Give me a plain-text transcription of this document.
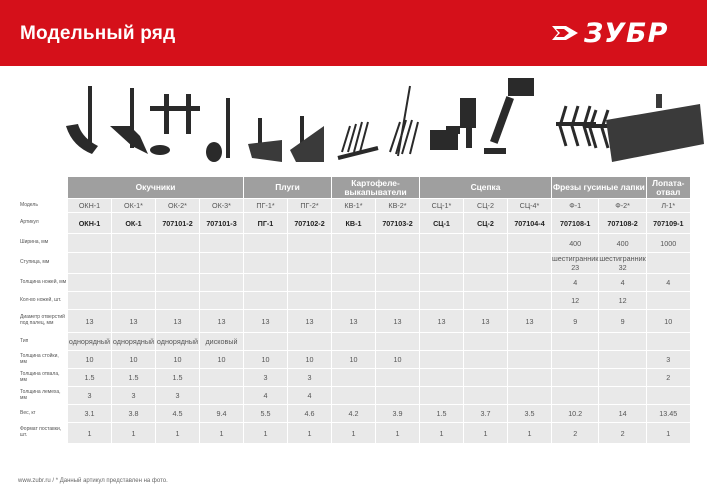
Модельный ряд	ЗУБР
	Окучники				Плуги		Картофеле-выкапыватели		Сцепка			Фрезы гусиные лапки		Лопата-отвал
Модель	ОКН-1	ОК-1*	ОК-2*	ОК-3*	ПГ-1*	ПГ-2*	КВ-1*	КВ-2*	СЦ-1*	СЦ-2	СЦ-4*	Ф-1	Ф-2*	Л-1*
Артикул	ОКН-1	ОК-1	707101-2	707101-3	ПГ-1	707102-2	КВ-1	707103-2	СЦ-1	СЦ-2	707104-4	707108-1	707108-2	707109-1
Ширина, мм												400	400	1000
Ступица, мм												шестигранник 23	шестигранник 32	
Толщина ножей, мм												4	4	4
Кол-во ножей, шт.												12	12	
Диаметр отверстий под палец, мм	13	13	13	13	13	13	13	13	13	13	13	9	9	10
Тип	однорядный	однорядный	однорядный	дисковый										
Толщина стойки, мм	10	10	10	10	10	10	10	10						3
Толщина отвала, мм	1.5	1.5	1.5		3	3								2
Толщина лемеха, мм	3	3	3		4	4								
Вес, кг	3.1	3.8	4.5	9.4	5.5	4.6	4.2	3.9	1.5	3.7	3.5	10.2	14	13.45
Формат поставки, шт.	1	1	1	1	1	1	1	1	1	1	1	2	2	1
www.zubr.ru / * Данный артикул представлен на фото.
